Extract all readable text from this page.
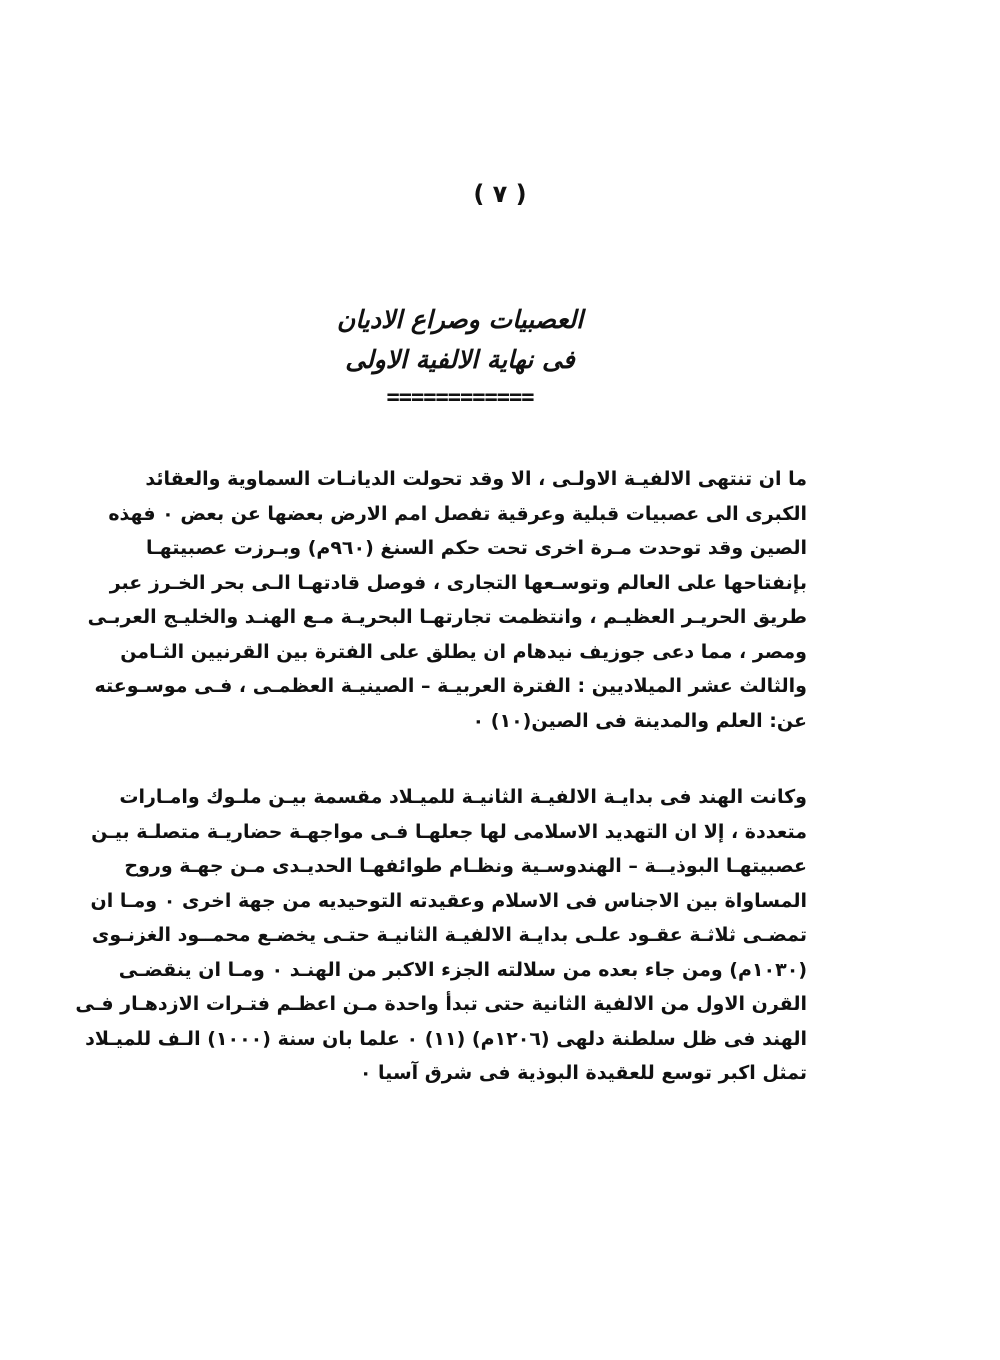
( ٧ )
العصبيات وصراع الاديان
فى نهاية الالفية الاولى
============
ما ان تنتهى الالفيـة الاولـى ، الا وقد تحولت الديانـات السماوية والعقائد
الكبرى الى عصبيات قبلية وعرقية تفصل امم الارض بعضها عن بعض ٠ فهذه
الصين وقد توحدت مـرة اخرى تحت حكم السنغ (٩٦٠م) وبـرزت عصبيتهـا
بإنفتاحها على العالم وتوسـعها التجارى ، فوصل قادتهـا الـى بحر الخـرز عبر
طريق الحريـر العظيـم ، وانتظمت تجارتهـا البحريـة مـع الهنـد والخليـج العربـى
ومصر ، مما دعى جوزيف نيدهام ان يطلق على الفترة بين القرنيين الثـامن
والثالث عشر الميلاديين : الفترة العربيـة – الصينيـة العظمـى ، فـى موسـوعته
عن: العلم والمدينة فى الصين(١٠) ٠
وكانت الهند فى بدايـة الالفيـة الثانيـة للميـلاد مقسمة بيـن ملـوك وامـارات
متعددة ، إلا ان التهديد الاسلامى لها جعلهـا فـى مواجهـة حضاريـة متصلـة بيـن
عصبيتهـا البوذيــة – الهندوسـية ونظـام طوائفهـا الحديـدى مـن جهـة وروح
المساواة بين الاجناس فى الاسلام وعقيدته التوحيديه من جهة اخرى ٠ ومـا ان
تمضـى ثلاثـة عقـود علـى بدايـة الالفيـة الثانيـة حتـى يخضـع محمــود الغزنـوى
(١٠٣٠م) ومن جاء بعده من سلالته الجزء الاكبر من الهنـد ٠ ومـا ان ينقضـى
القرن الاول من الالفية الثانية حتى تبدأ واحدة مـن اعظـم فتـرات الازدهـار فـى
الهند فى ظل سلطنة دلهى (١٢٠٦م) (١١) ٠ علما بان سنة (١٠٠٠) الـف للميـلاد
تمثل اكبر توسع للعقيدة البوذية فى شرق آسيا ٠
